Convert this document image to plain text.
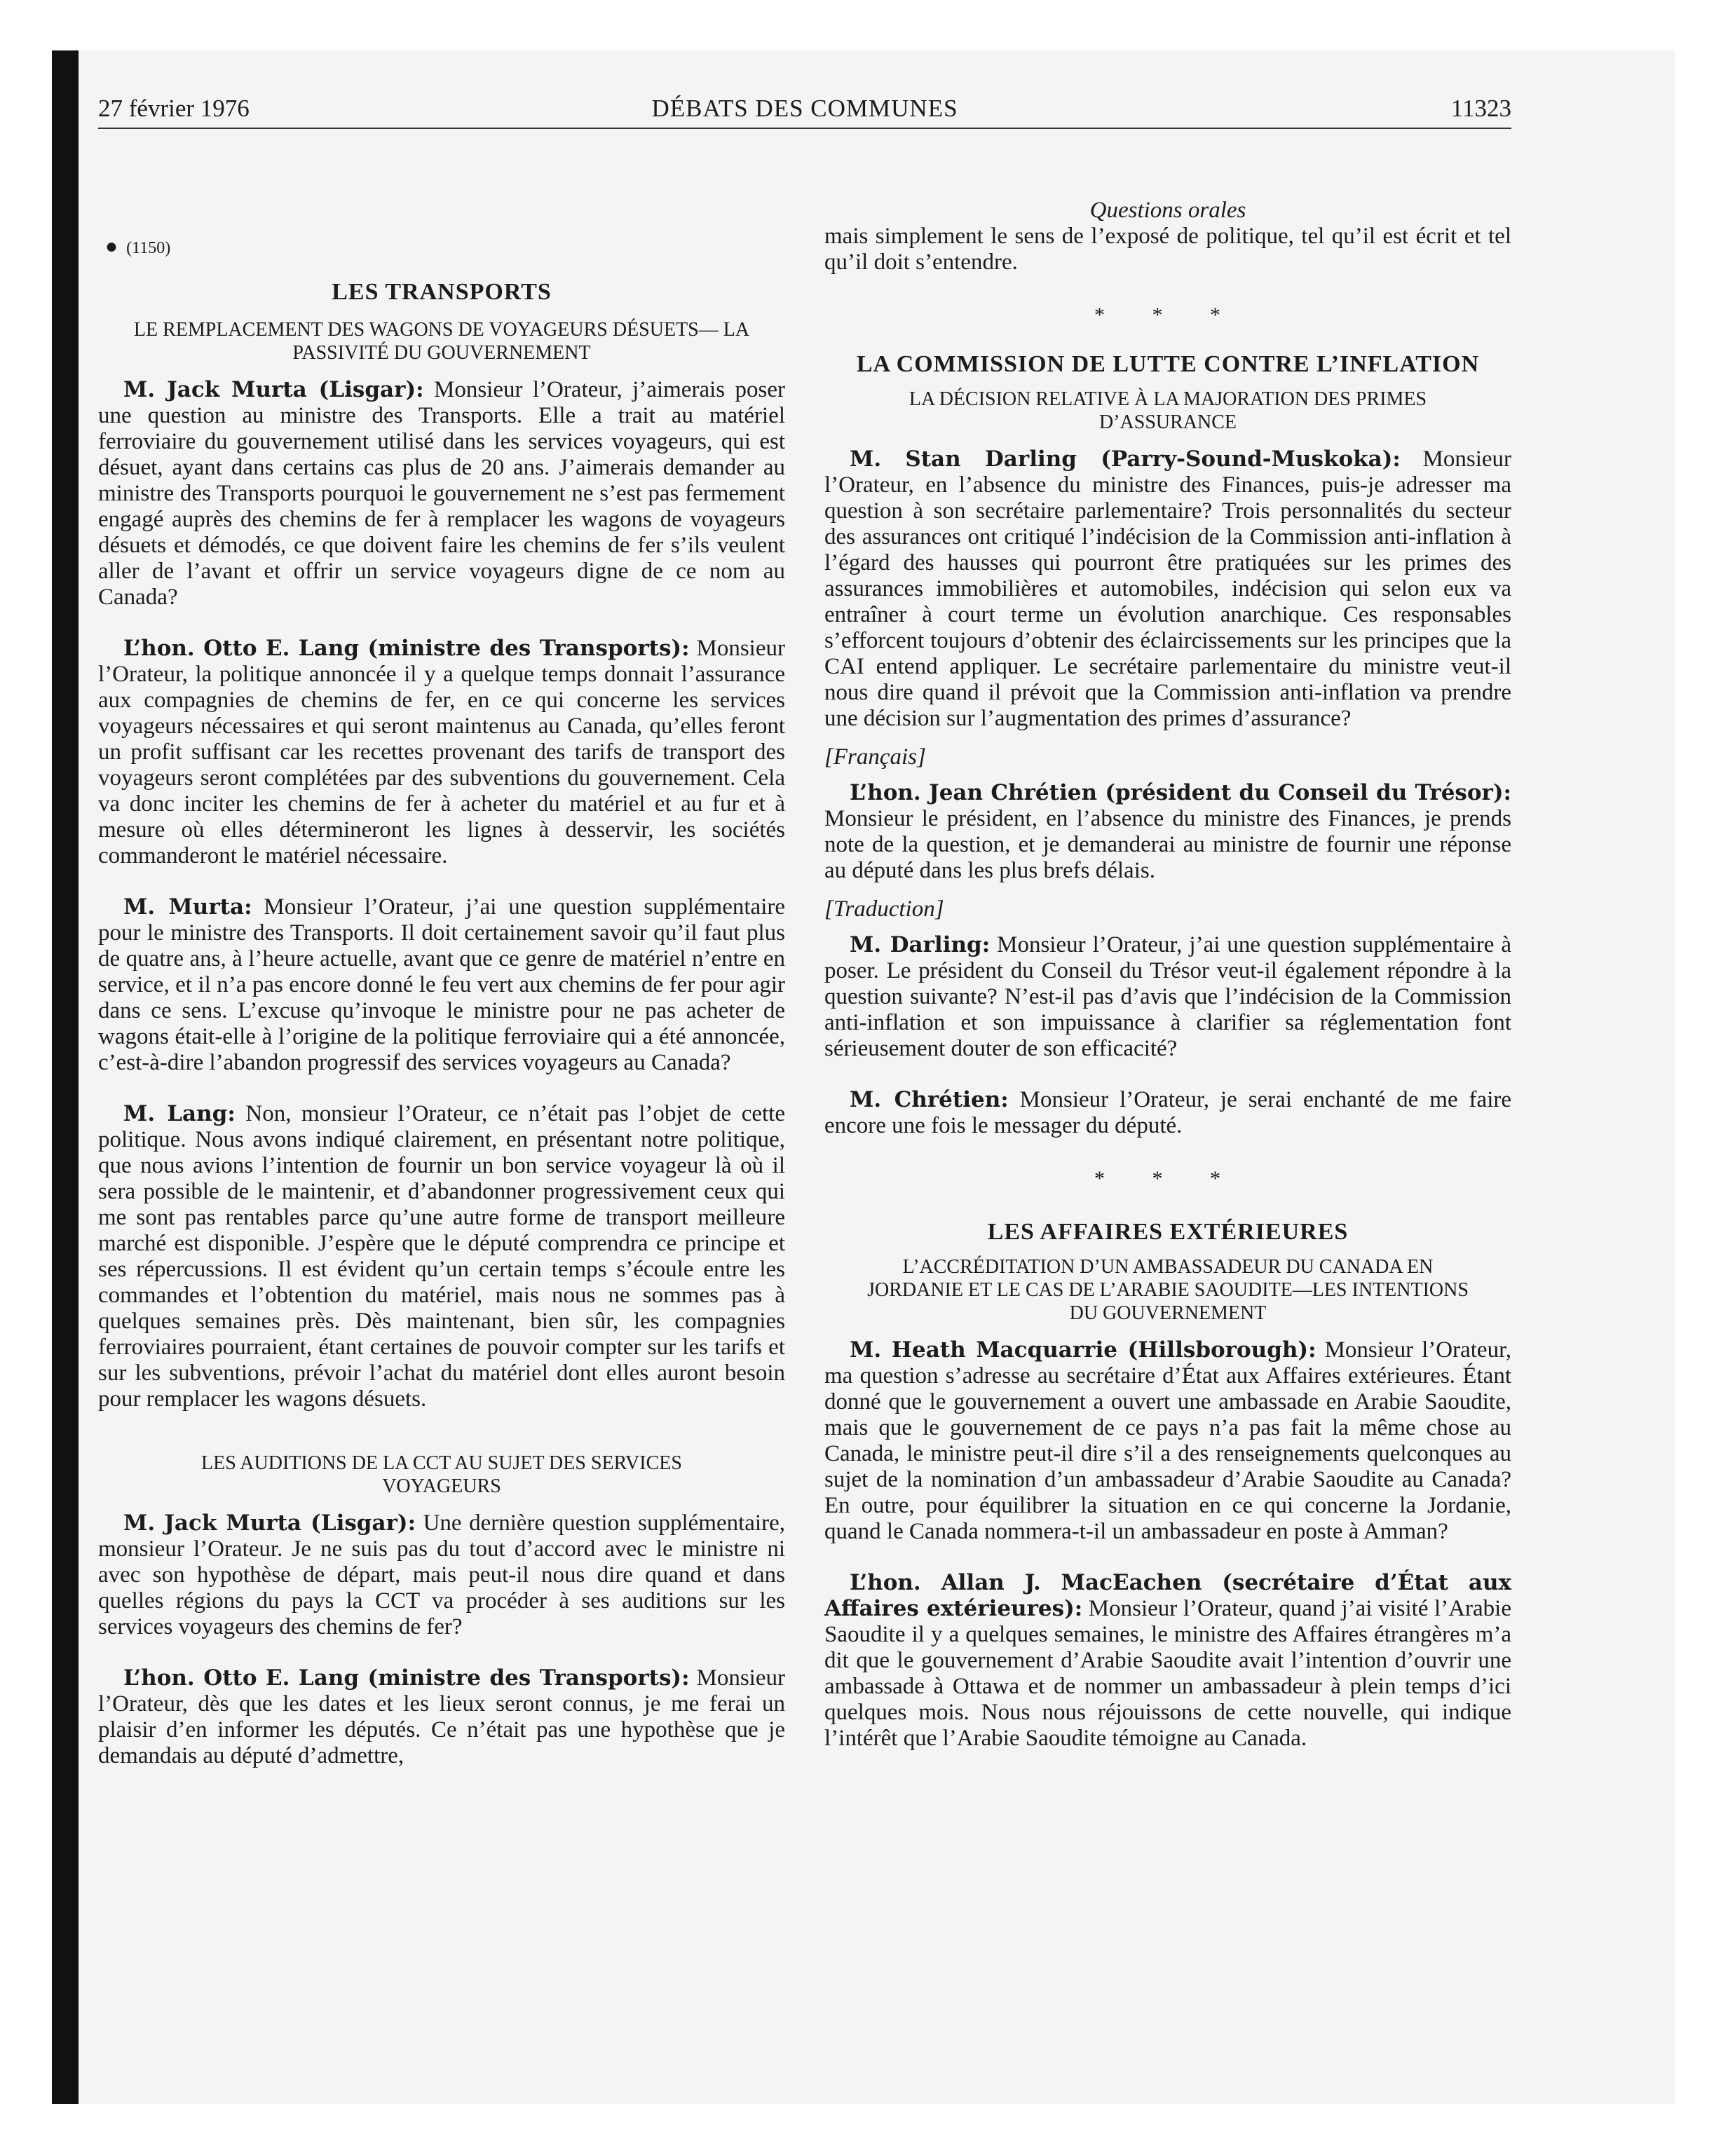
27 février 1976	DÉBATS DES COMMUNES	11323
● (1150)
LES TRANSPORTS
LE REMPLACEMENT DES WAGONS DE VOYAGEURS DÉSUETS— LA PASSIVITÉ DU GOUVERNEMENT

M. Jack Murta (Lisgar): Monsieur l’Orateur, j’aimerais poser une question au ministre des Transports. Elle a trait au matériel ferroviaire du gouvernement utilisé dans les services voyageurs, qui est désuet, ayant dans certains cas plus de 20 ans. J’aimerais demander au ministre des Transports pourquoi le gouvernement ne s’est pas fermement engagé auprès des chemins de fer à remplacer les wagons de voyageurs désuets et démodés, ce que doivent faire les chemins de fer s’ils veulent aller de l’avant et offrir un service voyageurs digne de ce nom au Canada?

L’hon. Otto E. Lang (ministre des Transports): Monsieur l’Orateur, la politique annoncée il y a quelque temps donnait l’assurance aux compagnies de chemins de fer, en ce qui concerne les services voyageurs nécessaires et qui seront maintenus au Canada, qu’elles feront un profit suffisant car les recettes provenant des tarifs de transport des voyageurs seront complétées par des subventions du gouvernement. Cela va donc inciter les chemins de fer à acheter du matériel et au fur et à mesure où elles détermineront les lignes à desservir, les sociétés commanderont le matériel nécessaire.

M. Murta: Monsieur l’Orateur, j’ai une question supplémentaire pour le ministre des Transports. Il doit certainement savoir qu’il faut plus de quatre ans, à l’heure actuelle, avant que ce genre de matériel n’entre en service, et il n’a pas encore donné le feu vert aux chemins de fer pour agir dans ce sens. L’excuse qu’invoque le ministre pour ne pas acheter de wagons était-elle à l’origine de la politique ferroviaire qui a été annoncée, c’est-à-dire l’abandon progressif des services voyageurs au Canada?

M. Lang: Non, monsieur l’Orateur, ce n’était pas l’objet de cette politique. Nous avons indiqué clairement, en présentant notre politique, que nous avions l’intention de fournir un bon service voyageur là où il sera possible de le maintenir, et d’abandonner progressivement ceux qui me sont pas rentables parce qu’une autre forme de transport meilleure marché est disponible. J’espère que le député comprendra ce principe et ses répercussions. Il est évident qu’un certain temps s’écoule entre les commandes et l’obtention du matériel, mais nous ne sommes pas à quelques semaines près. Dès maintenant, bien sûr, les compagnies ferroviaires pourraient, étant certaines de pouvoir compter sur les tarifs et sur les subventions, prévoir l’achat du matériel dont elles auront besoin pour remplacer les wagons désuets.

LES AUDITIONS DE LA CCT AU SUJET DES SERVICES VOYAGEURS

M. Jack Murta (Lisgar): Une dernière question supplémentaire, monsieur l’Orateur. Je ne suis pas du tout d’accord avec le ministre ni avec son hypothèse de départ, mais peut-il nous dire quand et dans quelles régions du pays la CCT va procéder à ses auditions sur les services voyageurs des chemins de fer?

L’hon. Otto E. Lang (ministre des Transports): Monsieur l’Orateur, dès que les dates et les lieux seront connus, je me ferai un plaisir d’en informer les députés. Ce n’était pas une hypothèse que je demandais au député d’admettre,

Questions orales

mais simplement le sens de l’exposé de politique, tel qu’il est écrit et tel qu’il doit s’entendre.

* * *
LA COMMISSION DE LUTTE CONTRE L’INFLATION
LA DÉCISION RELATIVE À LA MAJORATION DES PRIMES D’ASSURANCE

M. Stan Darling (Parry-Sound-Muskoka): Monsieur l’Orateur, en l’absence du ministre des Finances, puis-je adresser ma question à son secrétaire parlementaire? Trois personnalités du secteur des assurances ont critiqué l’indécision de la Commission anti-inflation à l’égard des hausses qui pourront être pratiquées sur les primes des assurances immobilières et automobiles, indécision qui selon eux va entraîner à court terme un évolution anarchique. Ces responsables s’efforcent toujours d’obtenir des éclaircissements sur les principes que la CAI entend appliquer. Le secrétaire parlementaire du ministre veut-il nous dire quand il prévoit que la Commission anti-inflation va prendre une décision sur l’augmentation des primes d’assurance?

[Français]

L’hon. Jean Chrétien (président du Conseil du Trésor): Monsieur le président, en l’absence du ministre des Finances, je prends note de la question, et je demanderai au ministre de fournir une réponse au député dans les plus brefs délais.

[Traduction]

M. Darling: Monsieur l’Orateur, j’ai une question supplémentaire à poser. Le président du Conseil du Trésor veut-il également répondre à la question suivante? N’est-il pas d’avis que l’indécision de la Commission anti-inflation et son impuissance à clarifier sa réglementation font sérieusement douter de son efficacité?

M. Chrétien: Monsieur l’Orateur, je serai enchanté de me faire encore une fois le messager du député.

* * *
LES AFFAIRES EXTÉRIEURES
L’ACCRÉDITATION D’UN AMBASSADEUR DU CANADA EN JORDANIE ET LE CAS DE L’ARABIE SAOUDITE—LES INTENTIONS DU GOUVERNEMENT

M. Heath Macquarrie (Hillsborough): Monsieur l’Orateur, ma question s’adresse au secrétaire d’État aux Affaires extérieures. Étant donné que le gouvernement a ouvert une ambassade en Arabie Saoudite, mais que le gouvernement de ce pays n’a pas fait la même chose au Canada, le ministre peut-il dire s’il a des renseignements quelconques au sujet de la nomination d’un ambassadeur d’Arabie Saoudite au Canada? En outre, pour équilibrer la situation en ce qui concerne la Jordanie, quand le Canada nommera-t-il un ambassadeur en poste à Amman?

L’hon. Allan J. MacEachen (secrétaire d’État aux Affaires extérieures): Monsieur l’Orateur, quand j’ai visité l’Arabie Saoudite il y a quelques semaines, le ministre des Affaires étrangères m’a dit que le gouvernement d’Arabie Saoudite avait l’intention d’ouvrir une ambassade à Ottawa et de nommer un ambassadeur à plein temps d’ici quelques mois. Nous nous réjouissons de cette nouvelle, qui indique l’intérêt que l’Arabie Saoudite témoigne au Canada.
